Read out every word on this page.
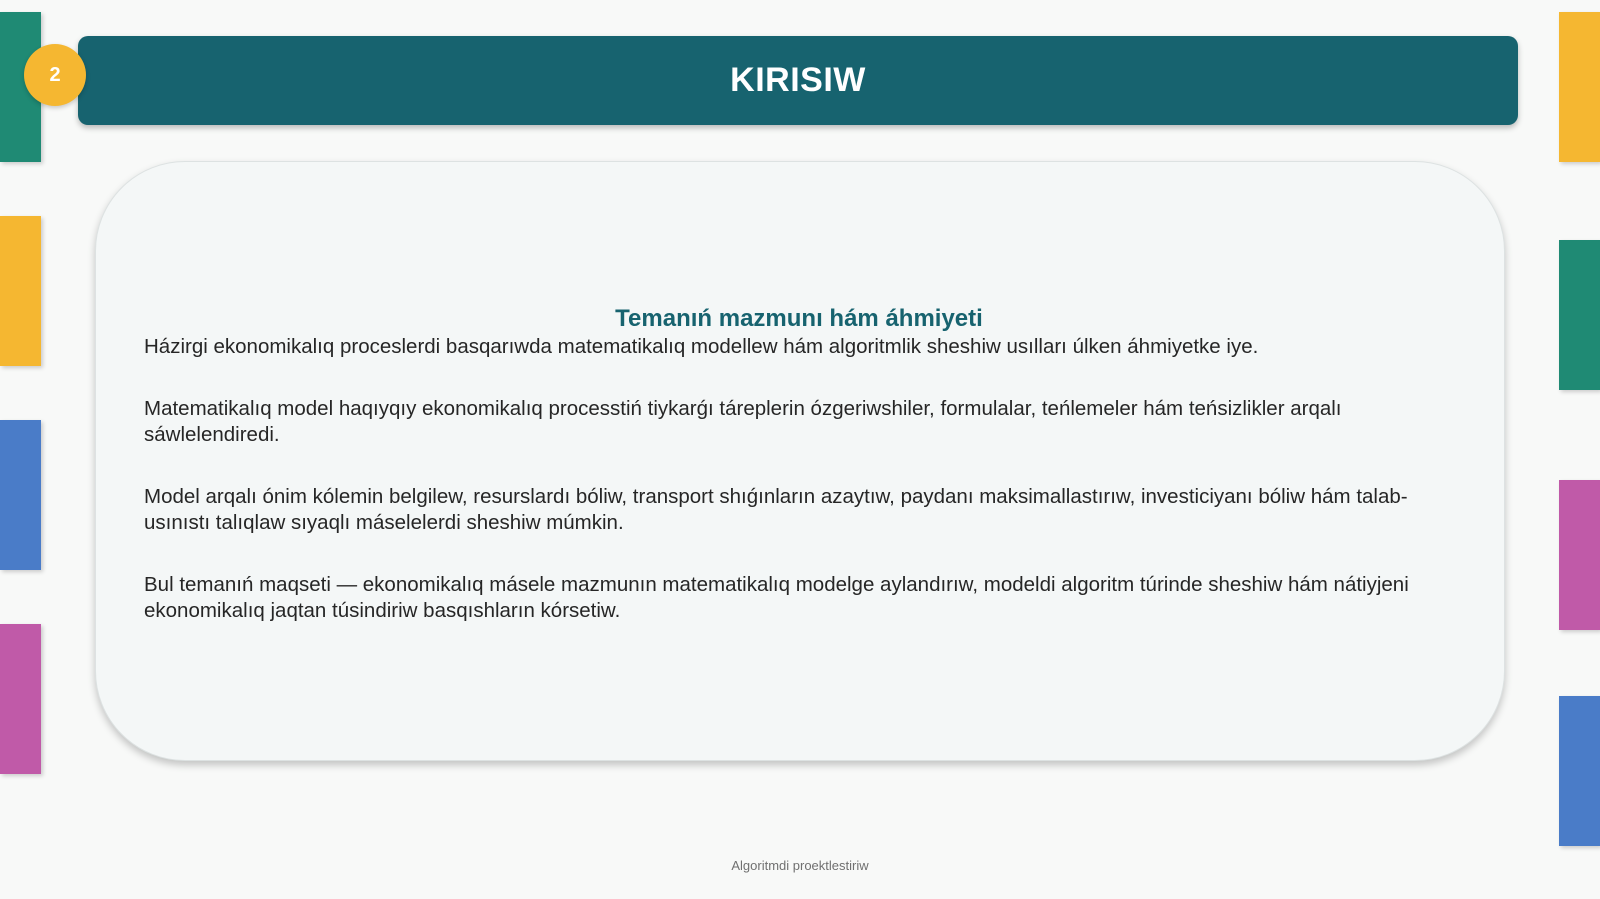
KIRISIW
2
Temanıń mazmunı hám áhmiyeti

Házirgi ekonomikalıq proceslerdi basqarıwda matematikalıq modellew hám algoritmlik sheshiw usılları úlken áhmiyetke iye.

Matematikalıq model haqıyqıy ekonomikalıq processtiń tiykarǵı táreplerin ózgeriwshiler, formulalar, teńlemeler hám teńsizlikler arqalı sáwlelendiredi.

Model arqalı ónim kólemin belgilew, resurslardı bóliw, transport shıǵınların azaytıw, paydanı maksimallastırıw, investiciyanı bóliw hám talab-usınıstı talıqlaw sıyaqlı máselelerdi sheshiw múmkin.

Bul temanıń maqseti — ekonomikalıq másele mazmunın matematikalıq modelge aylandırıw, modeldi algoritm túrinde sheshiw hám nátiyjeni ekonomikalıq jaqtan túsindiriw basqıshların kórsetiw.

Algoritmdi proektlestiriw
